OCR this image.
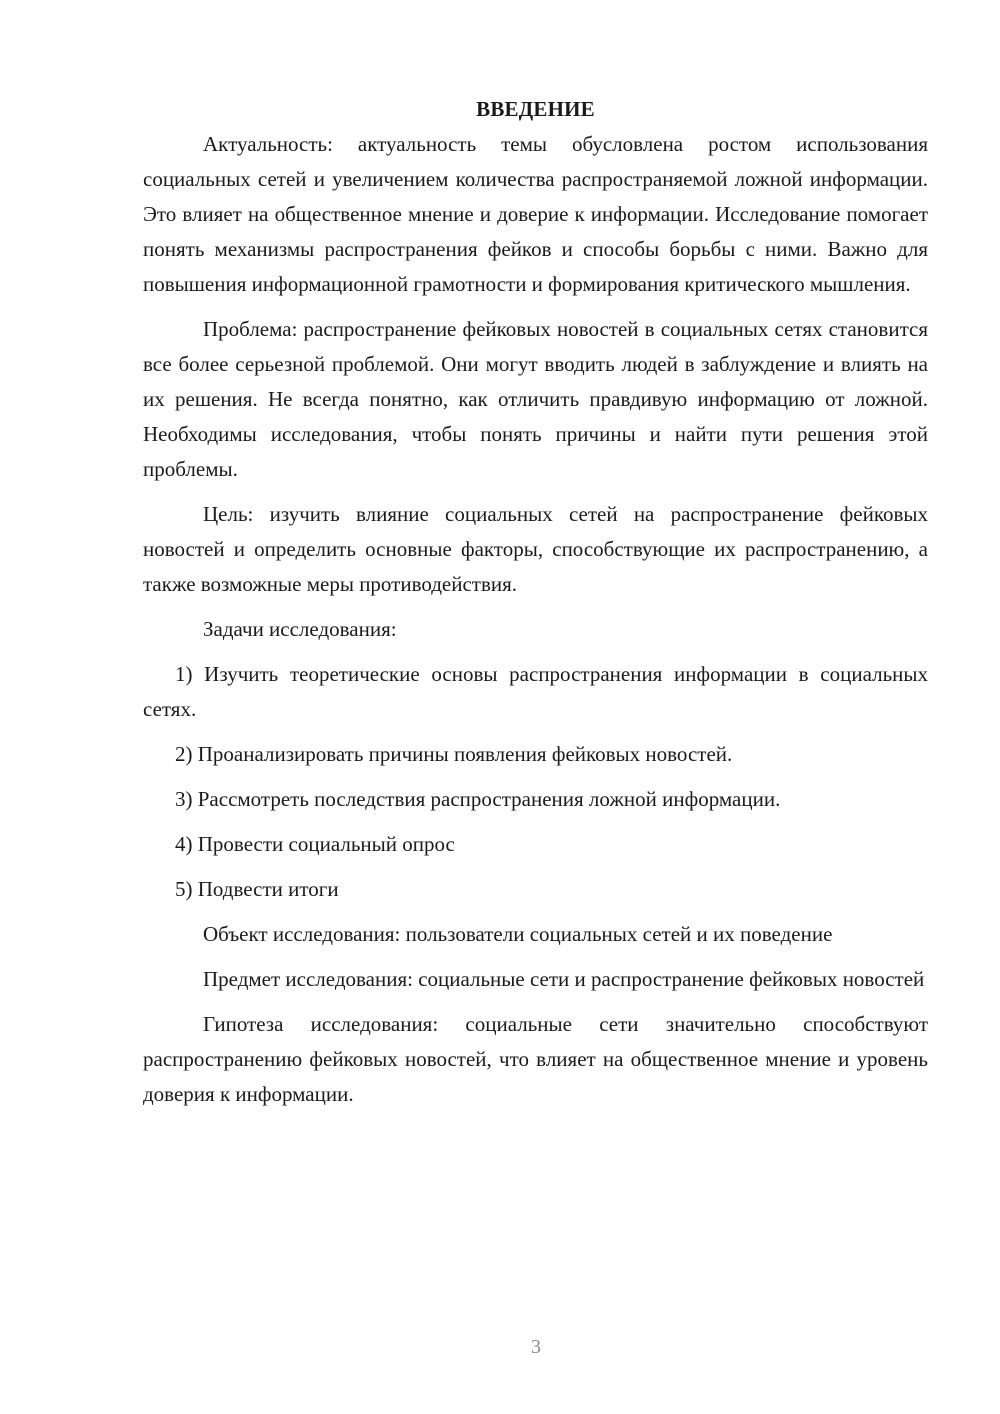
ВВЕДЕНИЕ

Актуальность: актуальность темы обусловлена ростом использования социальных сетей и увеличением количества распространяемой ложной информации. Это влияет на общественное мнение и доверие к информации. Исследование помогает понять механизмы распространения фейков и способы борьбы с ними. Важно для повышения информационной грамотности и формирования критического мышления.

Проблема: распространение фейковых новостей в социальных сетях становится все более серьезной проблемой. Они могут вводить людей в заблуждение и влиять на их решения. Не всегда понятно, как отличить правдивую информацию от ложной. Необходимы исследования, чтобы понять причины и найти пути решения этой проблемы.

Цель: изучить влияние социальных сетей на распространение фейковых новостей и определить основные факторы, способствующие их распространению, а также возможные меры противодействия.

Задачи исследования:

1) Изучить теоретические основы распространения информации в социальных сетях.

2) Проанализировать причины появления фейковых новостей.

3) Рассмотреть последствия распространения ложной информации.

4) Провести социальный опрос

5) Подвести итоги

Объект исследования: пользователи социальных сетей и их поведение

Предмет исследования: социальные сети и распространение фейковых новостей

Гипотеза исследования: социальные сети значительно способствуют распространению фейковых новостей, что влияет на общественное мнение и уровень доверия к информации.

3
